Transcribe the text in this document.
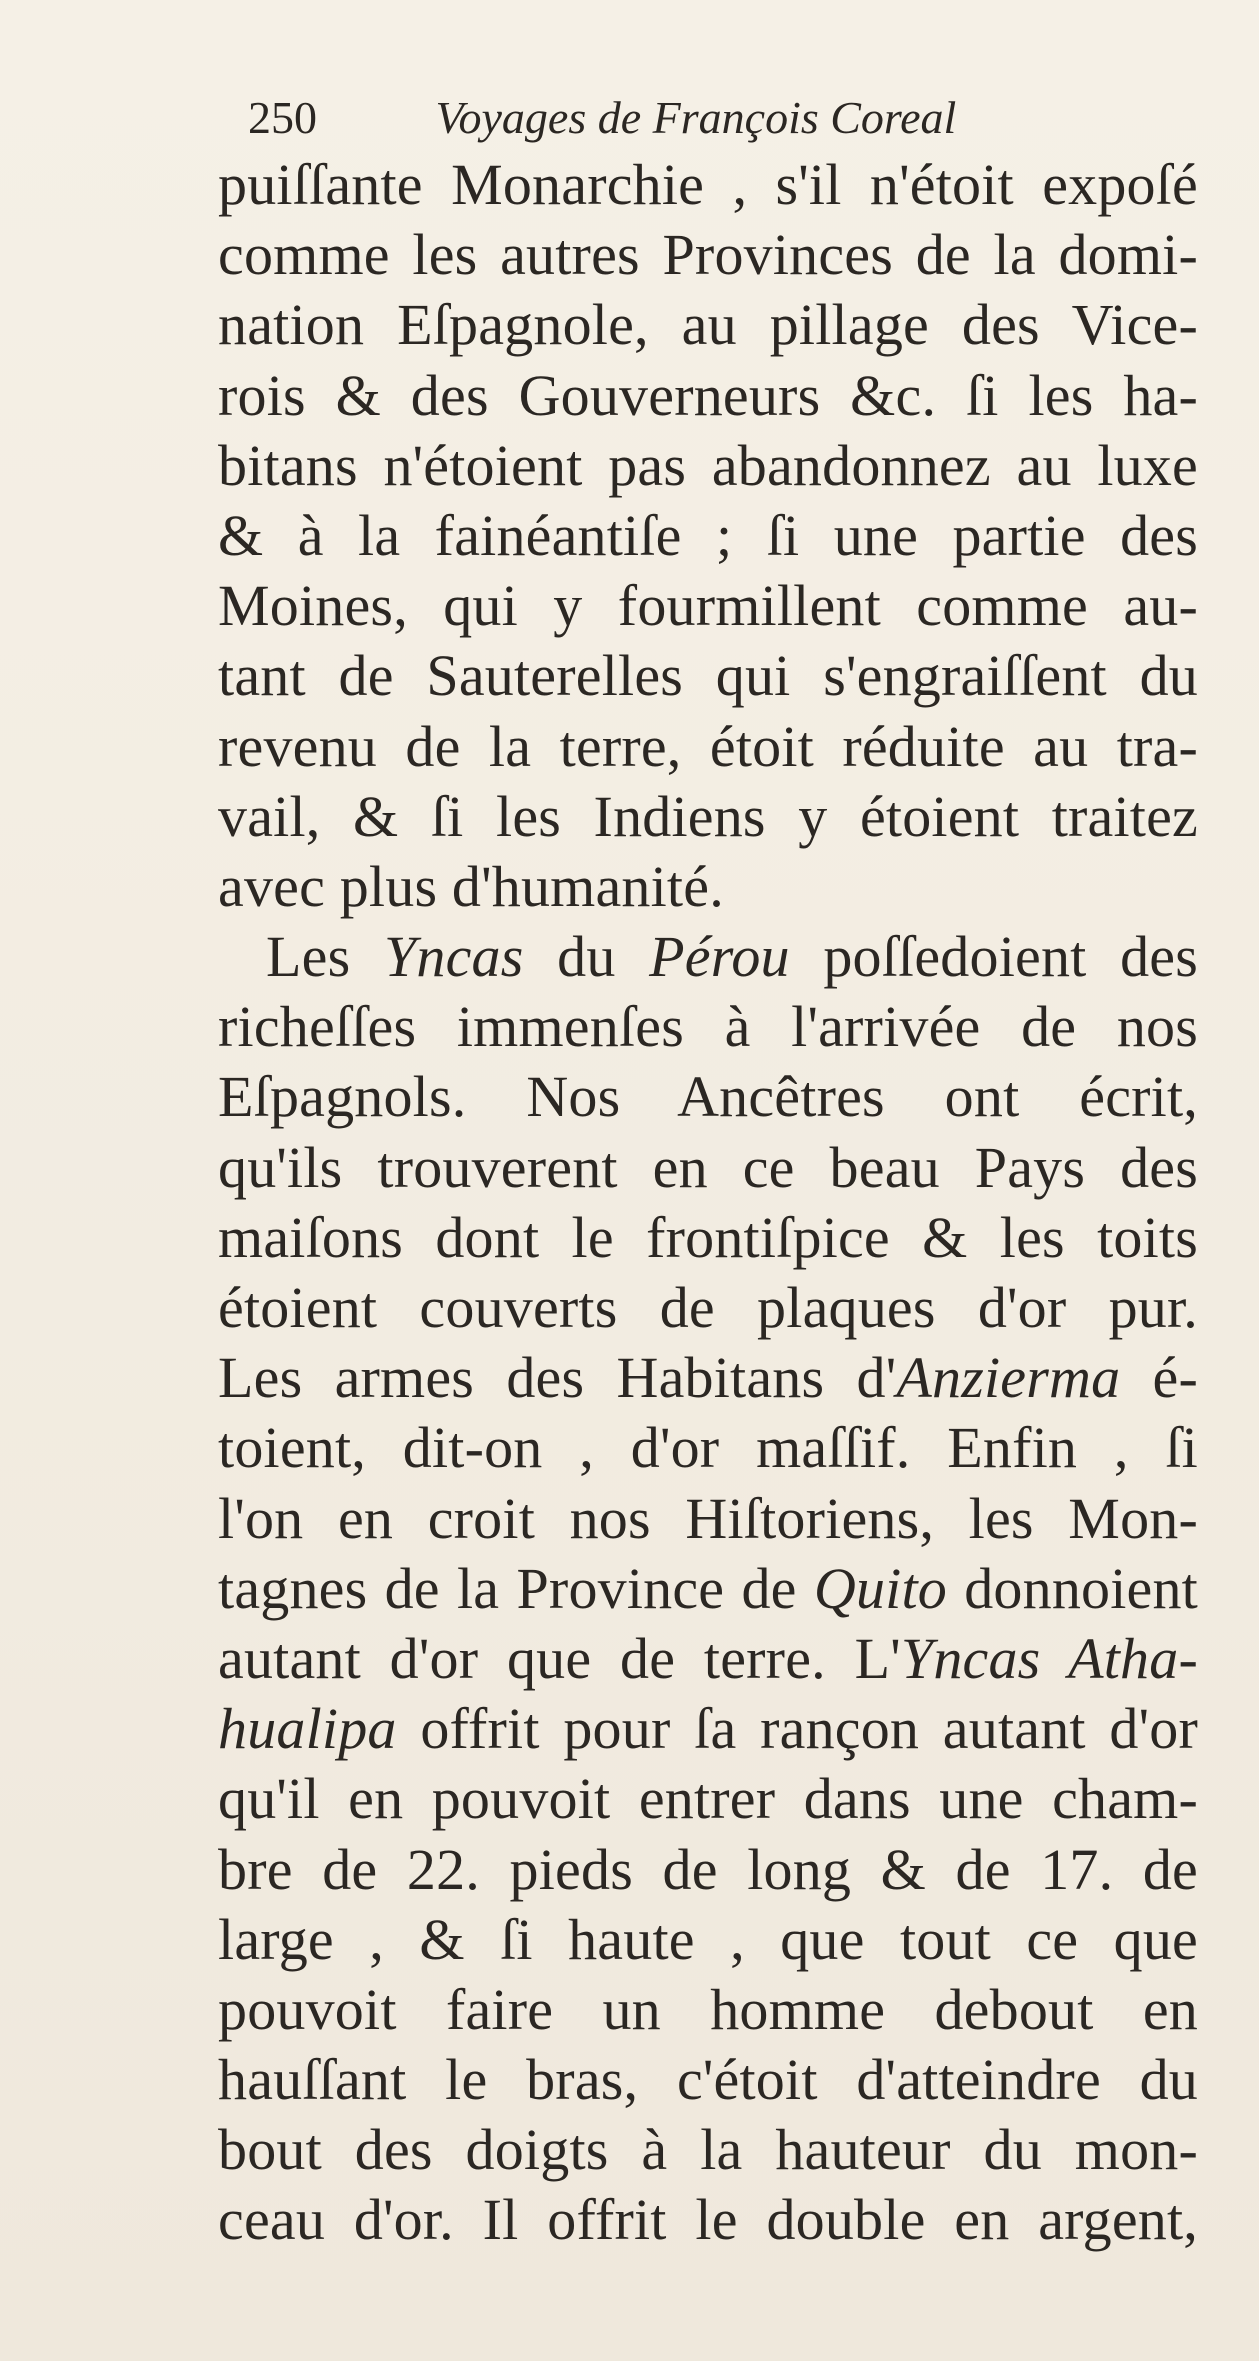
250	Voyages de François Coreal
puiſſante Monarchie , s'il n'étoit expoſé
comme les autres Provinces de la domi-
nation Eſpagnole, au pillage des Vice-
rois & des Gouverneurs &c. ſi les ha-
bitans n'étoient pas abandonnez au luxe
& à la fainéantiſe ; ſi une partie des
Moines, qui y fourmillent comme au-
tant de Sauterelles qui s'engraiſſent du
revenu de la terre, étoit réduite au tra-
vail, & ſi les Indiens y étoient traitez
avec plus d'humanité.
Les Yncas du Pérou poſſedoient des
richeſſes immenſes à l'arrivée de nos
Eſpagnols. Nos Ancêtres ont écrit,
qu'ils trouverent en ce beau Pays des
maiſons dont le frontiſpice & les toits
étoient couverts de plaques d'or pur.
Les armes des Habitans d'Anzierma é-
toient, dit-on , d'or maſſif. Enfin , ſi
l'on en croit nos Hiſtoriens, les Mon-
tagnes de la Province de Quito donnoient
autant d'or que de terre. L'Yncas Atha-
hualipa offrit pour ſa rançon autant d'or
qu'il en pouvoit entrer dans une cham-
bre de 22. pieds de long & de 17. de
large , & ſi haute , que tout ce que
pouvoit faire un homme debout en
hauſſant le bras, c'étoit d'atteindre du
bout des doigts à la hauteur du mon-
ceau d'or. Il offrit le double en argent,
